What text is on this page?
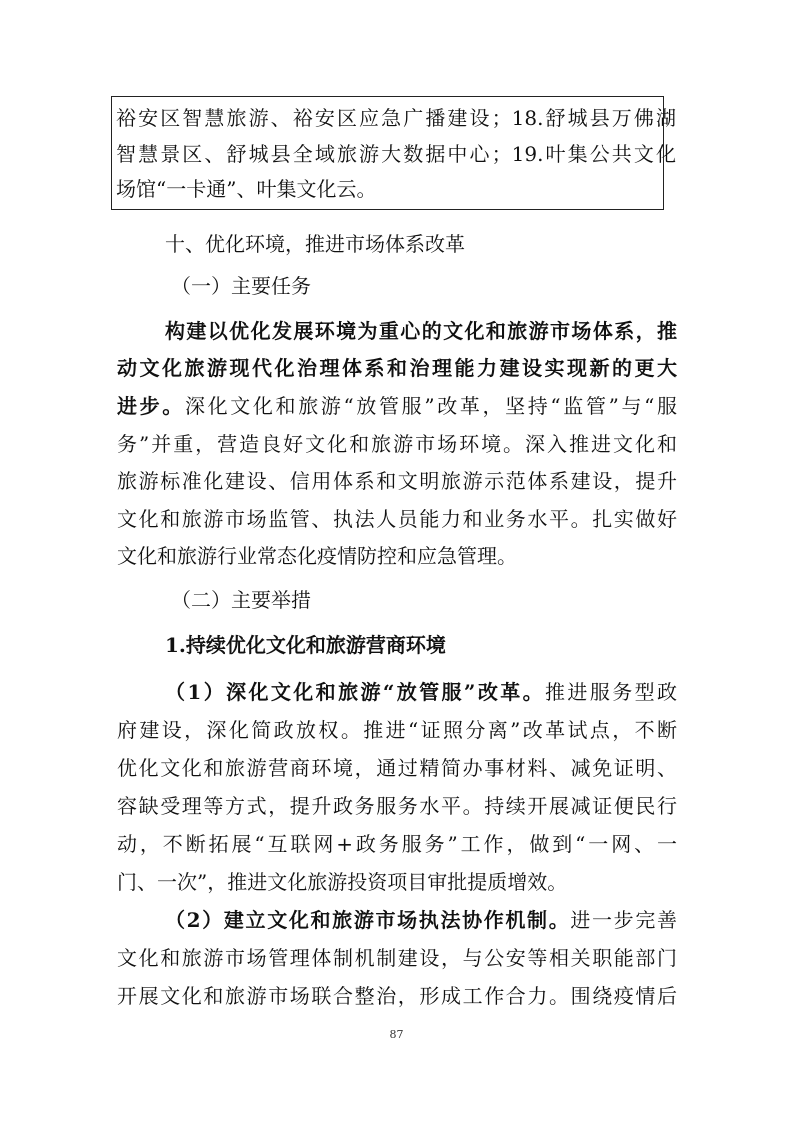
裕安区智慧旅游、裕安区应急广播建设；18.舒城县万佛湖
智慧景区、舒城县全域旅游大数据中心；19.叶集公共文化
场馆“一卡通”、叶集文化云。
十、优化环境，推进市场体系改革
（一）主要任务
构建以优化发展环境为重心的文化和旅游市场体系，推
动文化旅游现代化治理体系和治理能力建设实现新的更大
进步。深化文化和旅游“放管服”改革，坚持“监管”与“服
务”并重，营造良好文化和旅游市场环境。深入推进文化和
旅游标准化建设、信用体系和文明旅游示范体系建设，提升
文化和旅游市场监管、执法人员能力和业务水平。扎实做好
文化和旅游行业常态化疫情防控和应急管理。
（二）主要举措
1.持续优化文化和旅游营商环境
（1）深化文化和旅游“放管服”改革。推进服务型政
府建设，深化简政放权。推进“证照分离”改革试点，不断
优化文化和旅游营商环境，通过精简办事材料、减免证明、
容缺受理等方式，提升政务服务水平。持续开展减证便民行
动，不断拓展“互联网+政务服务”工作，做到“一网、一
门、一次”，推进文化旅游投资项目审批提质增效。
（2）建立文化和旅游市场执法协作机制。进一步完善
文化和旅游市场管理体制机制建设，与公安等相关职能部门
开展文化和旅游市场联合整治，形成工作合力。围绕疫情后
87
